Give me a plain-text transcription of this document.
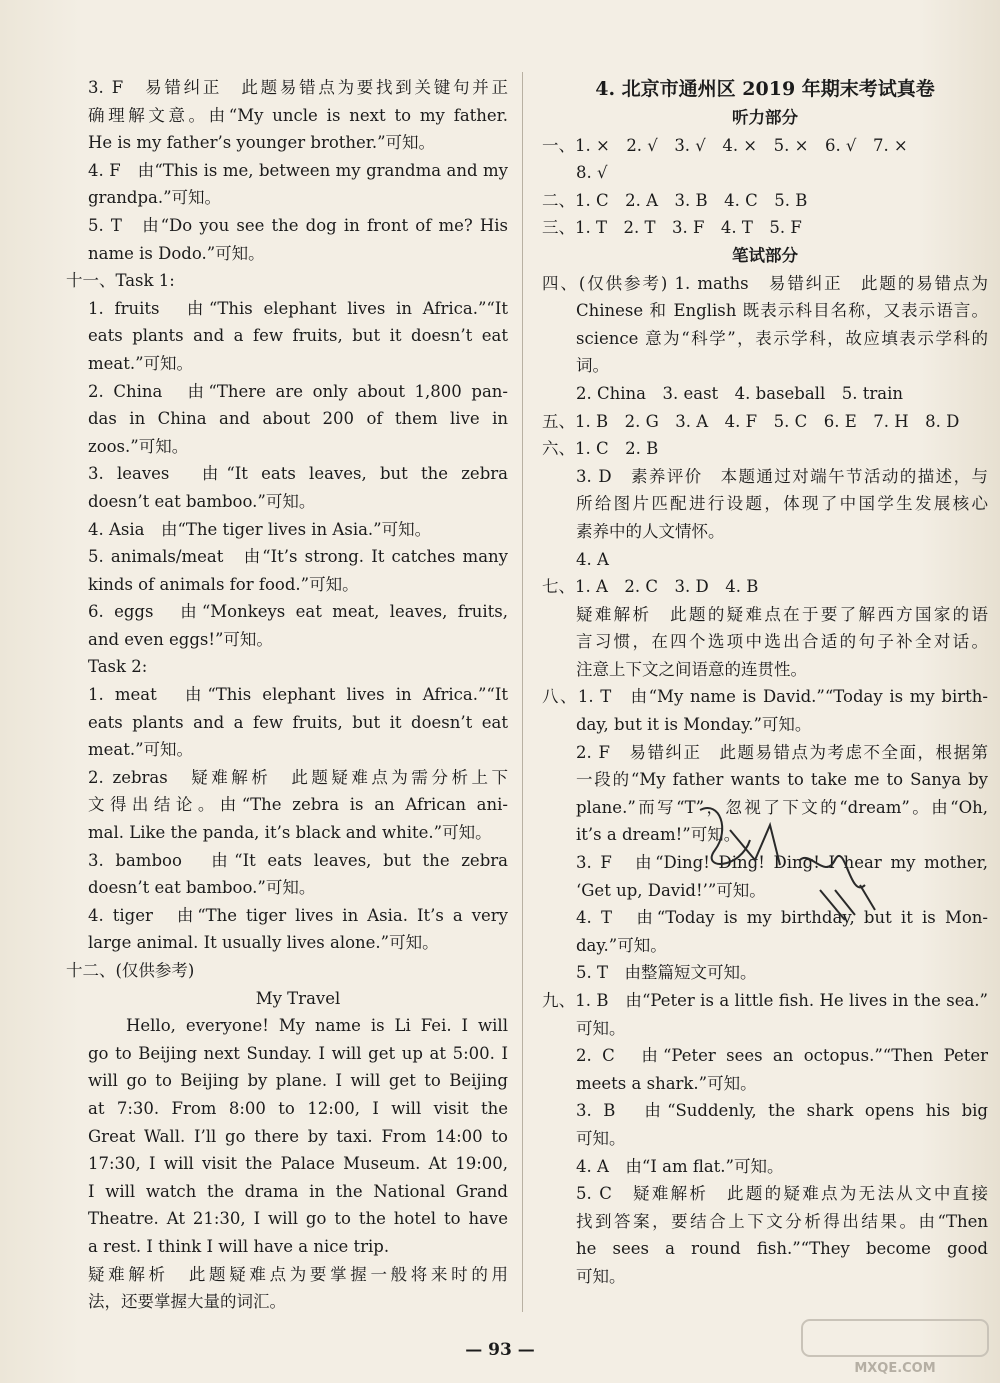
3. F　易错纠正　此题易错点为要找到关键句并正
确理解文意。由“My uncle is next to my father.
He is my father’s younger brother.”可知。
4. F　由“This is me, between my grandma and my
grandpa.”可知。
5. T　由“Do you see the dog in front of me? His
name is Dodo.”可知。
十一、Task 1:
1. fruits　由“This elephant lives in Africa.”“It
eats plants and a few fruits, but it doesn’t eat
meat.”可知。
2. China　由“There are only about 1,800 pan-
das in China and about 200 of them live in
zoos.”可知。
3. leaves　由“It eats leaves, but the zebra
doesn’t eat bamboo.”可知。
4. Asia　由“The tiger lives in Asia.”可知。
5. animals/meat　由“It’s strong. It catches many
kinds of animals for food.”可知。
6. eggs　由“Monkeys eat meat, leaves, fruits,
and even eggs!”可知。
Task 2:
1. meat　由“This elephant lives in Africa.”“It
eats plants and a few fruits, but it doesn’t eat
meat.”可知。
2. zebras　疑难解析　此题疑难点为需分析上下
文得出结论。由“The zebra is an African ani-
mal. Like the panda, it’s black and white.”可知。
3. bamboo　由“It eats leaves, but the zebra
doesn’t eat bamboo.”可知。
4. tiger　由“The tiger lives in Asia. It’s a very
large animal. It usually lives alone.”可知。
十二、(仅供参考)
My Travel
Hello, everyone! My name is Li Fei. I will
go to Beijing next Sunday. I will get up at 5:00. I
will go to Beijing by plane. I will get to Beijing
at 7:30. From 8:00 to 12:00, I will visit the
Great Wall. I’ll go there by taxi. From 14:00 to
17:30, I will visit the Palace Museum. At 19:00,
I will watch the drama in the National Grand
Theatre. At 21:30, I will go to the hotel to have
a rest. I think I will have a nice trip.
疑难解析　此题疑难点为要掌握一般将来时的用
法，还要掌握大量的词汇。
4. 北京市通州区 2019 年期末考试真卷
听力部分
一、1. ×　2. √　3. √　4. ×　5. ×　6. √　7. ×
8. √
二、1. C　2. A　3. B　4. C　5. B
三、1. T　2. T　3. F　4. T　5. F
笔试部分
四、(仅供参考) 1. maths　易错纠正　此题的易错点为
Chinese 和 English 既表示科目名称，又表示语言。
science 意为“科学”，表示学科，故应填表示学科的
词。
2. China　3. east　4. baseball　5. train
五、1. B　2. G　3. A　4. F　5. C　6. E　7. H　8. D
六、1. C　2. B
3. D　素养评价　本题通过对端午节活动的描述，与
所给图片匹配进行设题，体现了中国学生发展核心
素养中的人文情怀。
4. A
七、1. A　2. C　3. D　4. B
疑难解析　此题的疑难点在于要了解西方国家的语
言习惯，在四个选项中选出合适的句子补全对话。
注意上下文之间语意的连贯性。
八、1. T　由“My name is David.”“Today is my birth-
day, but it is Monday.”可知。
2. F　易错纠正　此题易错点为考虑不全面，根据第
一段的“My father wants to take me to Sanya by
plane.”而写“T”，忽视了下文的“dream”。由“Oh,
it’s a dream!”可知。
3. F　由“Ding! Ding! Ding! I hear my mother,
‘Get up, David!’”可知。
4. T　由“Today is my birthday, but it is Mon-
day.”可知。
5. T　由整篇短文可知。
九、1. B　由“Peter is a little fish. He lives in the sea.”
可知。
2. C　由“Peter sees an octopus.”“Then Peter
meets a shark.”可知。
3. B　由“Suddenly, the shark opens his big
可知。
4. A　由“I am flat.”可知。
5. C　疑难解析　此题的疑难点为无法从文中直接
找到答案，要结合上下文分析得出结果。由“Then
he sees a round fish.”“They become good
可知。
— 93 —
MXQE.COM
